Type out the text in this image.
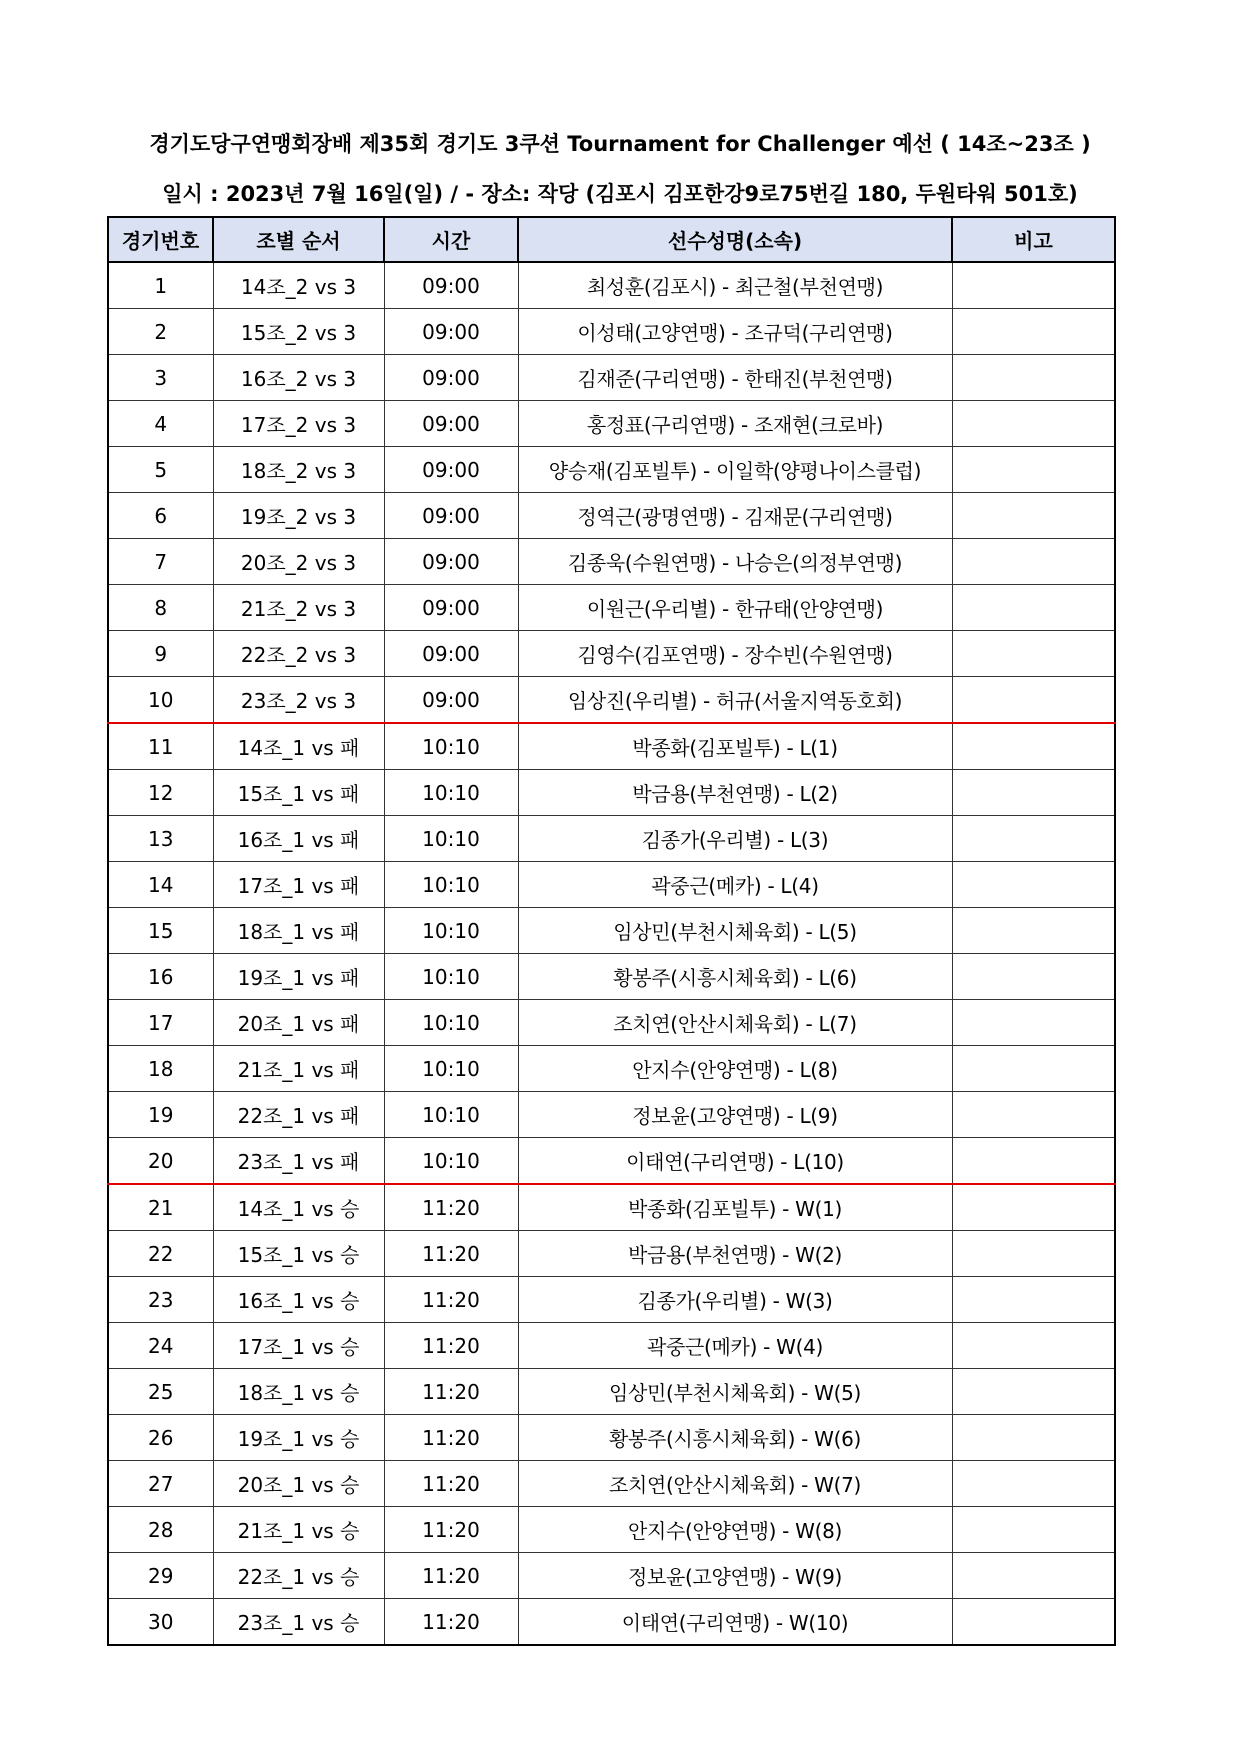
경기도당구연맹회장배 제35회 경기도 3쿠션 Tournament for Challenger 예선 ( 14조~23조 )
일시 : 2023년 7월 16일(일) / - 장소: 작당 (김포시 김포한강9로75번길 180, 두원타워 501호)
경기번호	조별 순서	시간	선수성명(소속)	비고
1	14조_2 vs 3	09:00	최성훈(김포시) - 최근철(부천연맹)	
2	15조_2 vs 3	09:00	이성태(고양연맹) - 조규덕(구리연맹)	
3	16조_2 vs 3	09:00	김재준(구리연맹) - 한태진(부천연맹)	
4	17조_2 vs 3	09:00	홍정표(구리연맹) - 조재현(크로바)	
5	18조_2 vs 3	09:00	양승재(김포빌투) - 이일학(양평나이스클럽)	
6	19조_2 vs 3	09:00	정역근(광명연맹) - 김재문(구리연맹)	
7	20조_2 vs 3	09:00	김종욱(수원연맹) - 나승은(의정부연맹)	
8	21조_2 vs 3	09:00	이원근(우리별) - 한규태(안양연맹)	
9	22조_2 vs 3	09:00	김영수(김포연맹) - 장수빈(수원연맹)	
10	23조_2 vs 3	09:00	임상진(우리별) - 허규(서울지역동호회)	
11	14조_1 vs 패	10:10	박종화(김포빌투) - L(1)	
12	15조_1 vs 패	10:10	박금용(부천연맹) - L(2)	
13	16조_1 vs 패	10:10	김종가(우리별) - L(3)	
14	17조_1 vs 패	10:10	곽중근(메카) - L(4)	
15	18조_1 vs 패	10:10	임상민(부천시체육회) - L(5)	
16	19조_1 vs 패	10:10	황봉주(시흥시체육회) - L(6)	
17	20조_1 vs 패	10:10	조치연(안산시체육회) - L(7)	
18	21조_1 vs 패	10:10	안지수(안양연맹) - L(8)	
19	22조_1 vs 패	10:10	정보윤(고양연맹) - L(9)	
20	23조_1 vs 패	10:10	이태연(구리연맹) - L(10)	
21	14조_1 vs 승	11:20	박종화(김포빌투) - W(1)	
22	15조_1 vs 승	11:20	박금용(부천연맹) - W(2)	
23	16조_1 vs 승	11:20	김종가(우리별) - W(3)	
24	17조_1 vs 승	11:20	곽중근(메카) - W(4)	
25	18조_1 vs 승	11:20	임상민(부천시체육회) - W(5)	
26	19조_1 vs 승	11:20	황봉주(시흥시체육회) - W(6)	
27	20조_1 vs 승	11:20	조치연(안산시체육회) - W(7)	
28	21조_1 vs 승	11:20	안지수(안양연맹) - W(8)	
29	22조_1 vs 승	11:20	정보윤(고양연맹) - W(9)	
30	23조_1 vs 승	11:20	이태연(구리연맹) - W(10)	
